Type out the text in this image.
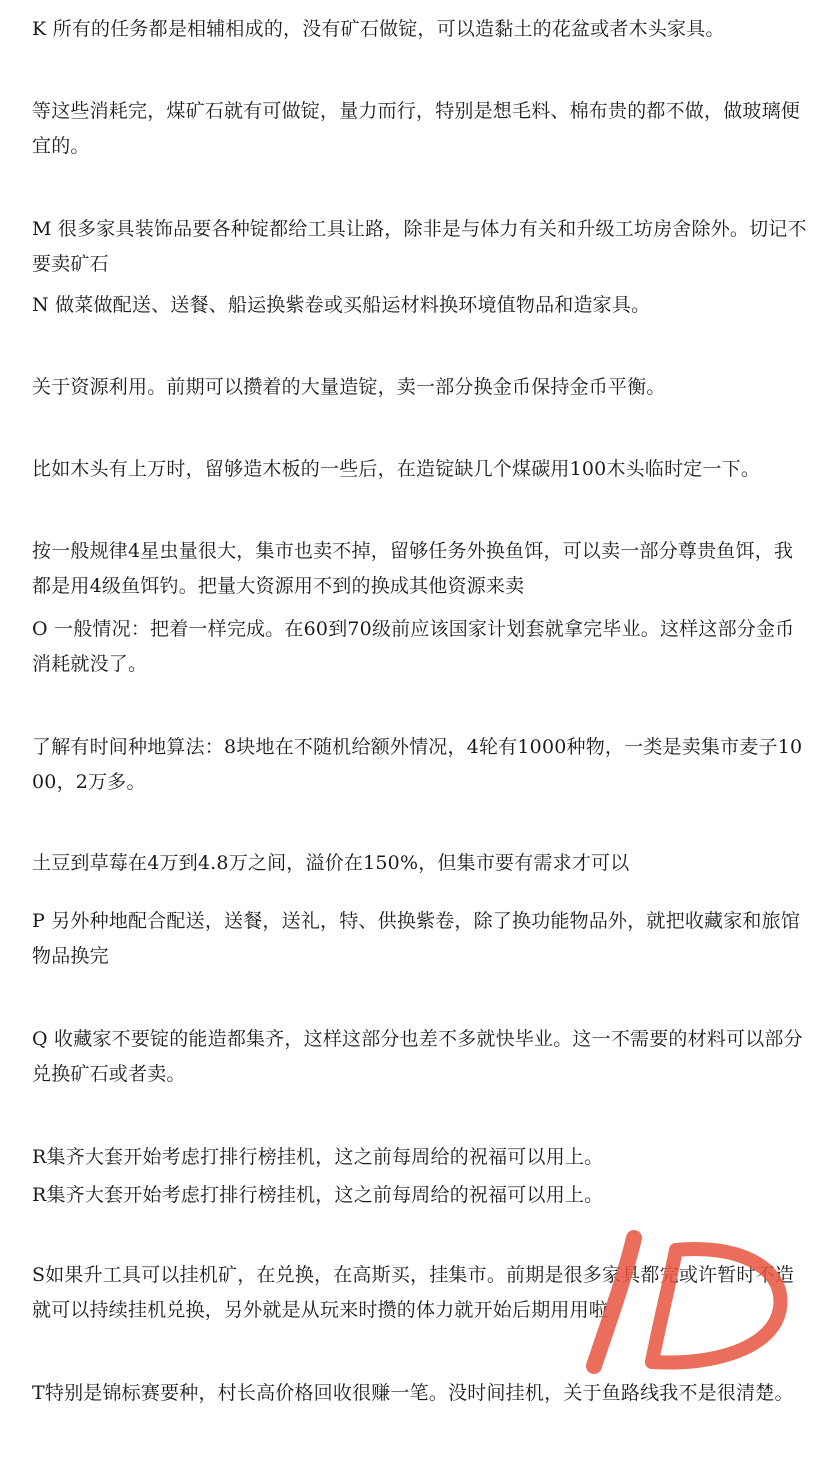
K 所有的任务都是相辅相成的，没有矿石做锭，可以造黏土的花盆或者木头家具。

等这些消耗完，煤矿石就有可做锭，量力而行，特别是想毛料、棉布贵的都不做，做玻璃便宜的。

M 很多家具装饰品要各种锭都给工具让路，除非是与体力有关和升级工坊房舍除外。切记不要卖矿石

N 做菜做配送、送餐、船运换紫卷或买船运材料换环境值物品和造家具。

关于资源利用。前期可以攒着的大量造锭，卖一部分换金币保持金币平衡。

比如木头有上万时，留够造木板的一些后，在造锭缺几个煤碳用100木头临时定一下。

按一般规律4星虫量很大，集市也卖不掉，留够任务外换鱼饵，可以卖一部分尊贵鱼饵，我都是用4级鱼饵钓。把量大资源用不到的换成其他资源来卖

O 一般情况：把着一样完成。在60到70级前应该国家计划套就拿完毕业。这样这部分金币消耗就没了。

了解有时间种地算法：8块地在不随机给额外情况，4轮有1000种物，一类是卖集市麦子1000，2万多。

土豆到草莓在4万到4.8万之间，溢价在150%，但集市要有需求才可以

P 另外种地配合配送，送餐，送礼，特、供换紫卷，除了换功能物品外，就把收藏家和旅馆物品换完

Q 收藏家不要锭的能造都集齐，这样这部分也差不多就快毕业。这一不需要的材料可以部分兑换矿石或者卖。

R集齐大套开始考虑打排行榜挂机，这之前每周给的祝福可以用上。

R集齐大套开始考虑打排行榜挂机，这之前每周给的祝福可以用上。

S如果升工具可以挂机矿，在兑换，在高斯买，挂集市。前期是很多家具都完或许暂时不造就可以持续挂机兑换，另外就是从玩来时攒的体力就开始后期用用啦

T特别是锦标赛要种，村长高价格回收很赚一笔。没时间挂机，关于鱼路线我不是很清楚。
